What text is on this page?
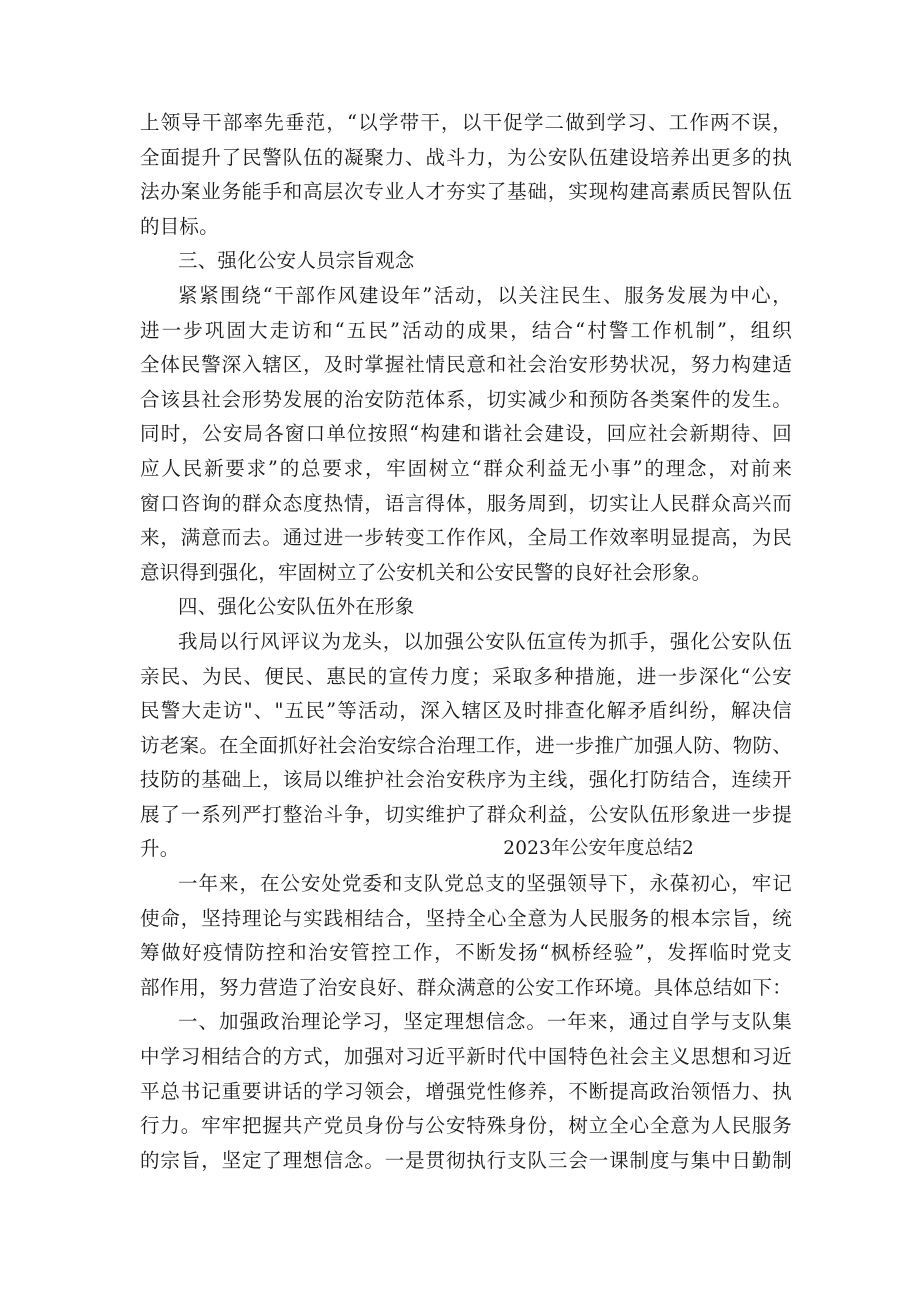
上领导干部率先垂范，“以学带干，以干促学二做到学习、工作两不误，
全面提升了民警队伍的凝聚力、战斗力，为公安队伍建设培养出更多的执
法办案业务能手和高层次专业人才夯实了基础，实现构建高素质民智队伍
的目标。
三、强化公安人员宗旨观念
紧紧围绕“干部作风建设年”活动，以关注民生、服务发展为中心，
进一步巩固大走访和“五民”活动的成果，结合“村警工作机制”，组织
全体民警深入辖区，及时掌握社情民意和社会治安形势状况，努力构建适
合该县社会形势发展的治安防范体系，切实减少和预防各类案件的发生。
同时，公安局各窗口单位按照“构建和谐社会建设，回应社会新期待、回
应人民新要求”的总要求，牢固树立“群众利益无小事”的理念，对前来
窗口咨询的群众态度热情，语言得体，服务周到，切实让人民群众高兴而
来，满意而去。通过进一步转变工作作风，全局工作效率明显提高，为民
意识得到强化，牢固树立了公安机关和公安民警的良好社会形象。
四、强化公安队伍外在形象
我局以行风评议为龙头，以加强公安队伍宣传为抓手，强化公安队伍
亲民、为民、便民、惠民的宣传力度；采取多种措施，进一步深化“公安
民警大走访"、"五民”等活动，深入辖区及时排查化解矛盾纠纷，解决信
访老案。在全面抓好社会治安综合治理工作，进一步推广加强人防、物防、
技防的基础上，该局以维护社会治安秩序为主线，强化打防结合，连续开
展了一系列严打整治斗争，切实维护了群众利益，公安队伍形象进一步提
升。	2023年公安年度总结2
一年来，在公安处党委和支队党总支的坚强领导下，永葆初心，牢记
使命，坚持理论与实践相结合，坚持全心全意为人民服务的根本宗旨，统
筹做好疫情防控和治安管控工作，不断发扬“枫桥经验”，发挥临时党支
部作用，努力营造了治安良好、群众满意的公安工作环境。具体总结如下：
一、加强政治理论学习，坚定理想信念。一年来，通过自学与支队集
中学习相结合的方式，加强对习近平新时代中国特色社会主义思想和习近
平总书记重要讲话的学习领会，增强党性修养，不断提高政治领悟力、执
行力。牢牢把握共产党员身份与公安特殊身份，树立全心全意为人民服务
的宗旨，坚定了理想信念。一是贯彻执行支队三会一课制度与集中日勤制
